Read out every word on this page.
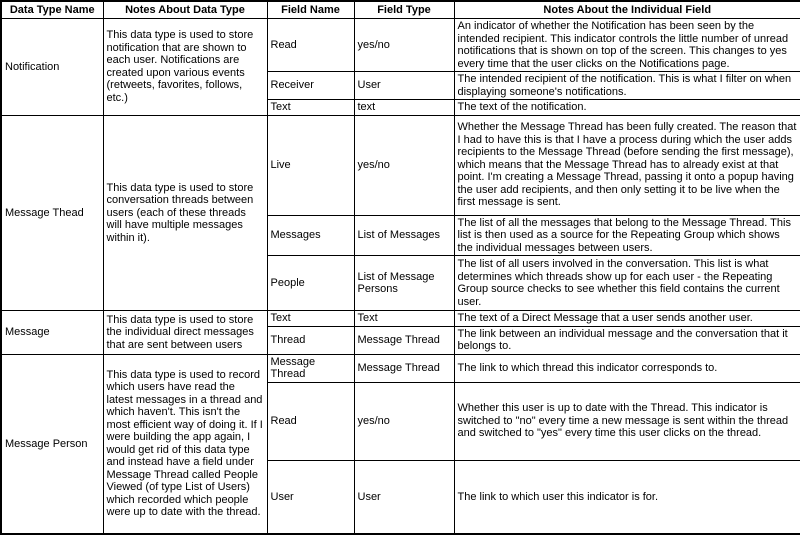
Data Type Name	Notes About Data Type	Field Name	Field Type	Notes About the Individual Field
Notification	This data type is used to store notification that are shown to each user. Notifications are created upon various events (retweets, favorites, follows, etc.)	Read	yes/no	An indicator of whether the Notification has been seen by the intended recipient. This indicator controls the little number of unread notifications that is shown on top of the screen. This changes to yes every time that the user clicks on the Notifications page.
		Receiver	User	The intended recipient of the notification. This is what I filter on when displaying someone's notifications.
		Text	text	The text of the notification.
Message Thead	This data type is used to store conversation threads between users (each of these threads will have multiple messages within it).	Live	yes/no	Whether the Message Thread has been fully created. The reason that I had to have this is that I have a process during which the user adds recipients to the Message Thread (before sending the first message), which means that the Message Thread has to already exist at that point. I'm creating a Message Thread, passing it onto a popup having the user add recipients, and then only setting it to be live when the first message is sent.
		Messages	List of Messages	The list of all the messages that belong to the Message Thread. This list is then used as a source for the Repeating Group which shows the individual messages between users.
		People	List of Message Persons	The list of all users involved in the conversation. This list is what determines which threads show up for each user - the Repeating Group source checks to see whether this field contains the current user.
Message	This data type is used to store the individual direct messages that are sent between users	Text	Text	The text of a Direct Message that a user sends another user.
		Thread	Message Thread	The link between an individual message and the conversation that it belongs to.
Message Person	This data type is used to record which users have read the latest messages in a thread and which haven't. This isn't the most efficient way of doing it. If I were building the app again, I would get rid of this data type and instead have a field under Message Thread called People Viewed (of type List of Users) which recorded which people were up to date with the thread.	Message Thread	Message Thread	The link to which thread this indicator corresponds to.
		Read	yes/no	Whether this user is up to date with the Thread. This indicator is switched to "no" every time a new message is sent within the thread and switched to "yes" every time this user clicks on the thread.
		User	User	The link to which user this indicator is for.
